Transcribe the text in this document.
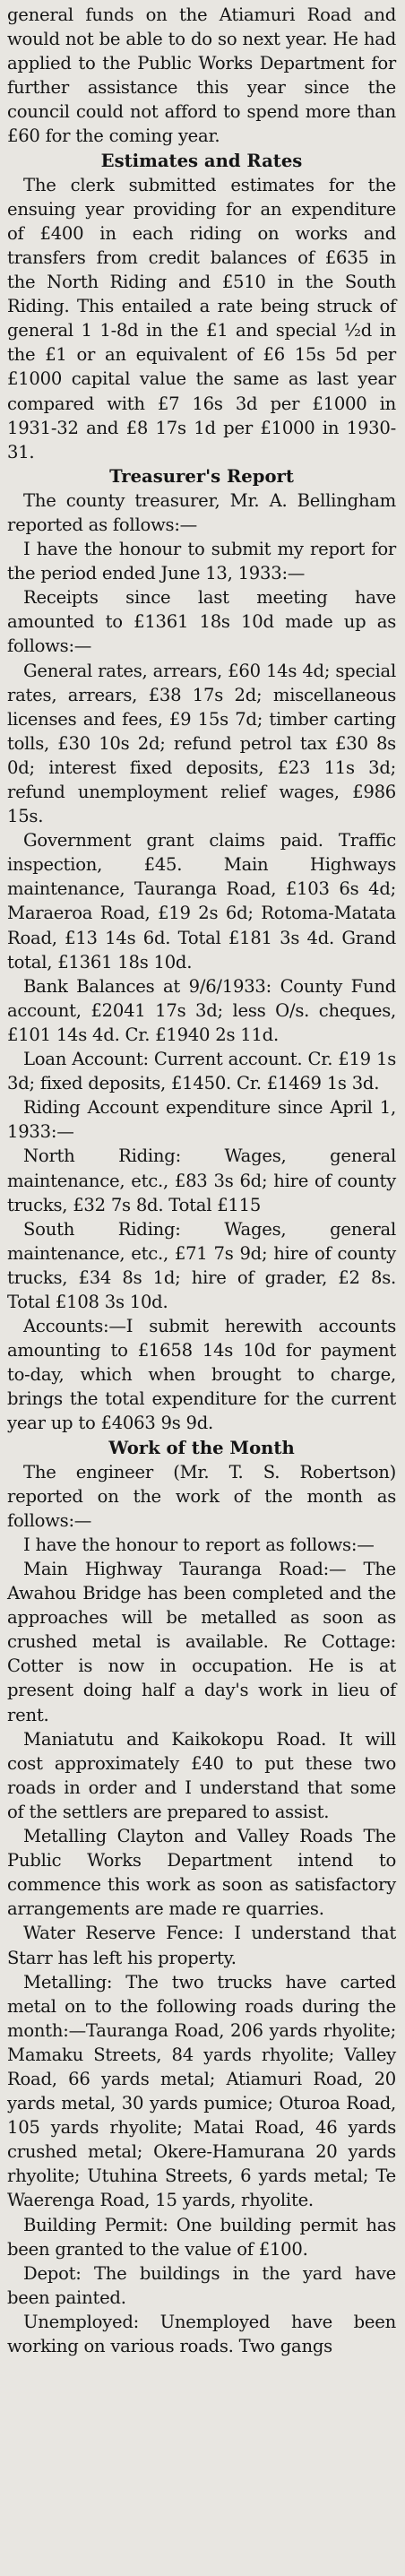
general funds on the Atiamuri Road and would not be able to do so next year. He had applied to the Public Works Department for further assistance this year since the council could not afford to spend more than £60 for the coming year.

Estimates and Rates

The clerk submitted estimates for the ensuing year providing for an expenditure of £400 in each riding on works and transfers from credit balances of £635 in the North Riding and £510 in the South Riding. This entailed a rate being struck of general 1 1-8d in the £1 and special ½d in the £1 or an equivalent of £6 15s 5d per £1000 capital value the same as last year compared with £7 16s 3d per £1000 in 1931-32 and £8 17s 1d per £1000 in 1930-31.

Treasurer's Report

The county treasurer, Mr. A. Bellingham reported as follows:—

I have the honour to submit my report for the period ended June 13, 1933:—

Receipts since last meeting have amounted to £1361 18s 10d made up as follows:—

General rates, arrears, £60 14s 4d; special rates, arrears, £38 17s 2d; miscellaneous licenses and fees, £9 15s 7d; timber carting tolls, £30 10s 2d; refund petrol tax £30 8s 0d; interest fixed deposits, £23 11s 3d; refund unemployment relief wages, £986 15s.

Government grant claims paid. Traffic inspection, £45. Main Highways maintenance, Tauranga Road, £103 6s 4d; Maraeroa Road, £19 2s 6d; Rotoma-Matata Road, £13 14s 6d. Total £181 3s 4d. Grand total, £1361 18s 10d.

Bank Balances at 9/6/1933: County Fund account, £2041 17s 3d; less O/s. cheques, £101 14s 4d. Cr. £1940 2s 11d.

Loan Account: Current account. Cr. £19 1s 3d; fixed deposits, £1450. Cr. £1469 1s 3d.

Riding Account expenditure since April 1, 1933:—

North Riding: Wages, general maintenance, etc., £83 3s 6d; hire of county trucks, £32 7s 8d. Total £115

South Riding: Wages, general maintenance, etc., £71 7s 9d; hire of county trucks, £34 8s 1d; hire of grader, £2 8s. Total £108 3s 10d.

Accounts:—I submit herewith accounts amounting to £1658 14s 10d for payment to-day, which when brought to charge, brings the total expenditure for the current year up to £4063 9s 9d.

Work of the Month

The engineer (Mr. T. S. Robertson) reported on the work of the month as follows:—

I have the honour to report as follows:—

Main Highway Tauranga Road:— The Awahou Bridge has been completed and the approaches will be metalled as soon as crushed metal is available. Re Cottage: Cotter is now in occupation. He is at present doing half a day's work in lieu of rent.

Maniatutu and Kaikokopu Road. It will cost approximately £40 to put these two roads in order and I understand that some of the settlers are prepared to assist.

Metalling Clayton and Valley Roads The Public Works Department intend to commence this work as soon as satisfactory arrangements are made re quarries.

Water Reserve Fence: I understand that Starr has left his property.

Metalling: The two trucks have carted metal on to the following roads during the month:—Tauranga Road, 206 yards rhyolite; Mamaku Streets, 84 yards rhyolite; Valley Road, 66 yards metal; Atiamuri Road, 20 yards metal, 30 yards pumice; Oturoa Road, 105 yards rhyolite; Matai Road, 46 yards crushed metal; Okere-Hamurana 20 yards rhyolite; Utuhina Streets, 6 yards metal; Te Waerenga Road, 15 yards, rhyolite.

Building Permit: One building permit has been granted to the value of £100.

Depot: The buildings in the yard have been painted.

Unemployed: Unemployed have been working on various roads. Two gangs
